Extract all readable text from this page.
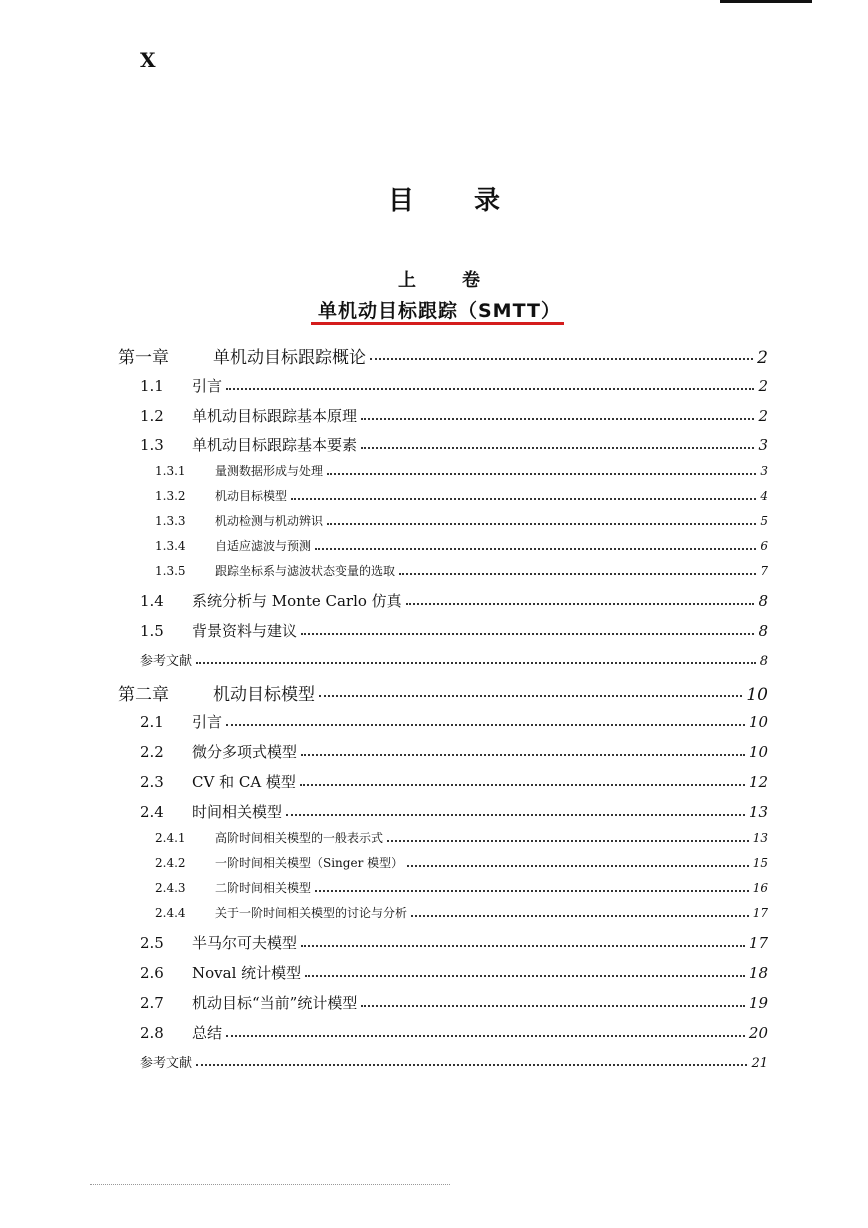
X
目 录
上	卷
单机动目标跟踪（SMTT）
第一章	单机动目标跟踪概论	2
1.1	引言	2
1.2	单机动目标跟踪基本原理	2
1.3	单机动目标跟踪基本要素	3
1.3.1	量测数据形成与处理	3
1.3.2	机动目标模型	4
1.3.3	机动检测与机动辨识	5
1.3.4	自适应滤波与预测	6
1.3.5	跟踪坐标系与滤波状态变量的选取	7
1.4	系统分析与 Monte Carlo 仿真	8
1.5	背景资料与建议	8
参考文献	8
第二章	机动目标模型	10
2.1	引言	10
2.2	微分多项式模型	10
2.3	CV 和 CA 模型	12
2.4	时间相关模型	13
2.4.1	高阶时间相关模型的一般表示式	13
2.4.2	一阶时间相关模型（Singer 模型）	15
2.4.3	二阶时间相关模型	16
2.4.4	关于一阶时间相关模型的讨论与分析	17
2.5	半马尔可夫模型	17
2.6	Noval 统计模型	18
2.7	机动目标“当前”统计模型	19
2.8	总结	20
参考文献	21
